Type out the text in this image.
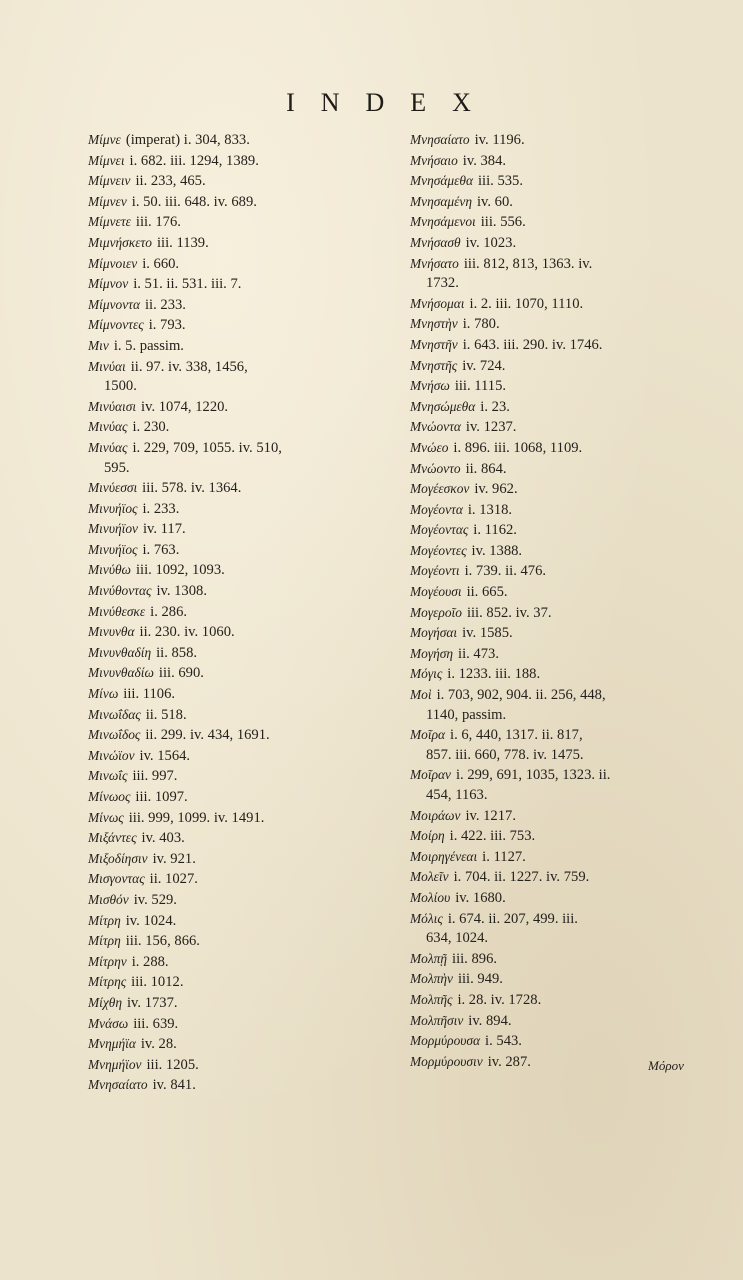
INDEX
Μίμνε (imperat) i. 304, 833.
Μίμνει i. 682. iii. 1294, 1389.
Μίμνειν ii. 233, 465.
Μίμνεν i. 50. iii. 648. iv. 689.
Μίμνετε iii. 176.
Μιμνήσκετο iii. 1139.
Μίμνοιεν i. 660.
Μίμνον i. 51. ii. 531. iii. 7.
Μίμνοντα ii. 233.
Μίμνοντες i. 793.
Μιν i. 5. passim.
Μινύαι ii. 97. iv. 338, 1456,
1500.
Μινύαισι iv. 1074, 1220.
Μινύας i. 230.
Μινύας i. 229, 709, 1055. iv. 510,
595.
Μινύεσσι iii. 578. iv. 1364.
Μινυήϊος i. 233.
Μινυήϊον iv. 117.
Μινυήϊος i. 763.
Μινύθω iii. 1092, 1093.
Μινύθοντας iv. 1308.
Μινύθεσκε i. 286.
Μινυνθα ii. 230. iv. 1060.
Μινυνθαδίη ii. 858.
Μινυνθαδίω iii. 690.
Μίνω iii. 1106.
Μινωΐδας ii. 518.
Μινωΐδος ii. 299. iv. 434, 1691.
Μινώϊον iv. 1564.
Μινωΐς iii. 997.
Μίνωος iii. 1097.
Μίνως iii. 999, 1099. iv. 1491.
Μιξάντες iv. 403.
Μιξοδίησιν iv. 921.
Μισγοντας ii. 1027.
Μισθόν iv. 529.
Μίτρη iv. 1024.
Μίτρη iii. 156, 866.
Μίτρην i. 288.
Μίτρης iii. 1012.
Μίχθη iv. 1737.
Μνάσω iii. 639.
Μνημήϊα iv. 28.
Μνημήϊον iii. 1205.
Μνησαίατο iv. 841.
Μνησαίατο iv. 1196.
Μνήσαιο iv. 384.
Μνησάμεθα iii. 535.
Μνησαμένη iv. 60.
Μνησάμενοι iii. 556.
Μνήσασθ iv. 1023.
Μνήσατο iii. 812, 813, 1363. iv.
1732.
Μνήσομαι i. 2. iii. 1070, 1110.
Μνηστὴν i. 780.
Μνηστῆν i. 643. iii. 290. iv. 1746.
Μνηστῆς iv. 724.
Μνήσω iii. 1115.
Μνησώμεθα i. 23.
Μνώοντα iv. 1237.
Μνώεο i. 896. iii. 1068, 1109.
Μνώοντο ii. 864.
Μογέεσκον iv. 962.
Μογέοντα i. 1318.
Μογέοντας i. 1162.
Μογέοντες iv. 1388.
Μογέοντι i. 739. ii. 476.
Μογέουσι ii. 665.
Μογεροῖο iii. 852. iv. 37.
Μογήσαι iv. 1585.
Μογήση ii. 473.
Μόγις i. 1233. iii. 188.
Μοὶ i. 703, 902, 904. ii. 256, 448,
1140, passim.
Μοῖρα i. 6, 440, 1317. ii. 817,
857. iii. 660, 778. iv. 1475.
Μοῖραν i. 299, 691, 1035, 1323. ii.
454, 1163.
Μοιράων iv. 1217.
Μοίρη i. 422. iii. 753.
Μοιρηγένεαι i. 1127.
Μολεῖν i. 704. ii. 1227. iv. 759.
Μολίου iv. 1680.
Μόλις i. 674. ii. 207, 499. iii.
634, 1024.
Μολπῇ iii. 896.
Μολπὴν iii. 949.
Μολπῆς i. 28. iv. 1728.
Μολπῆσιν iv. 894.
Μορμύρουσα i. 543.
Μορμύρουσιν iv. 287.	Μόρον
